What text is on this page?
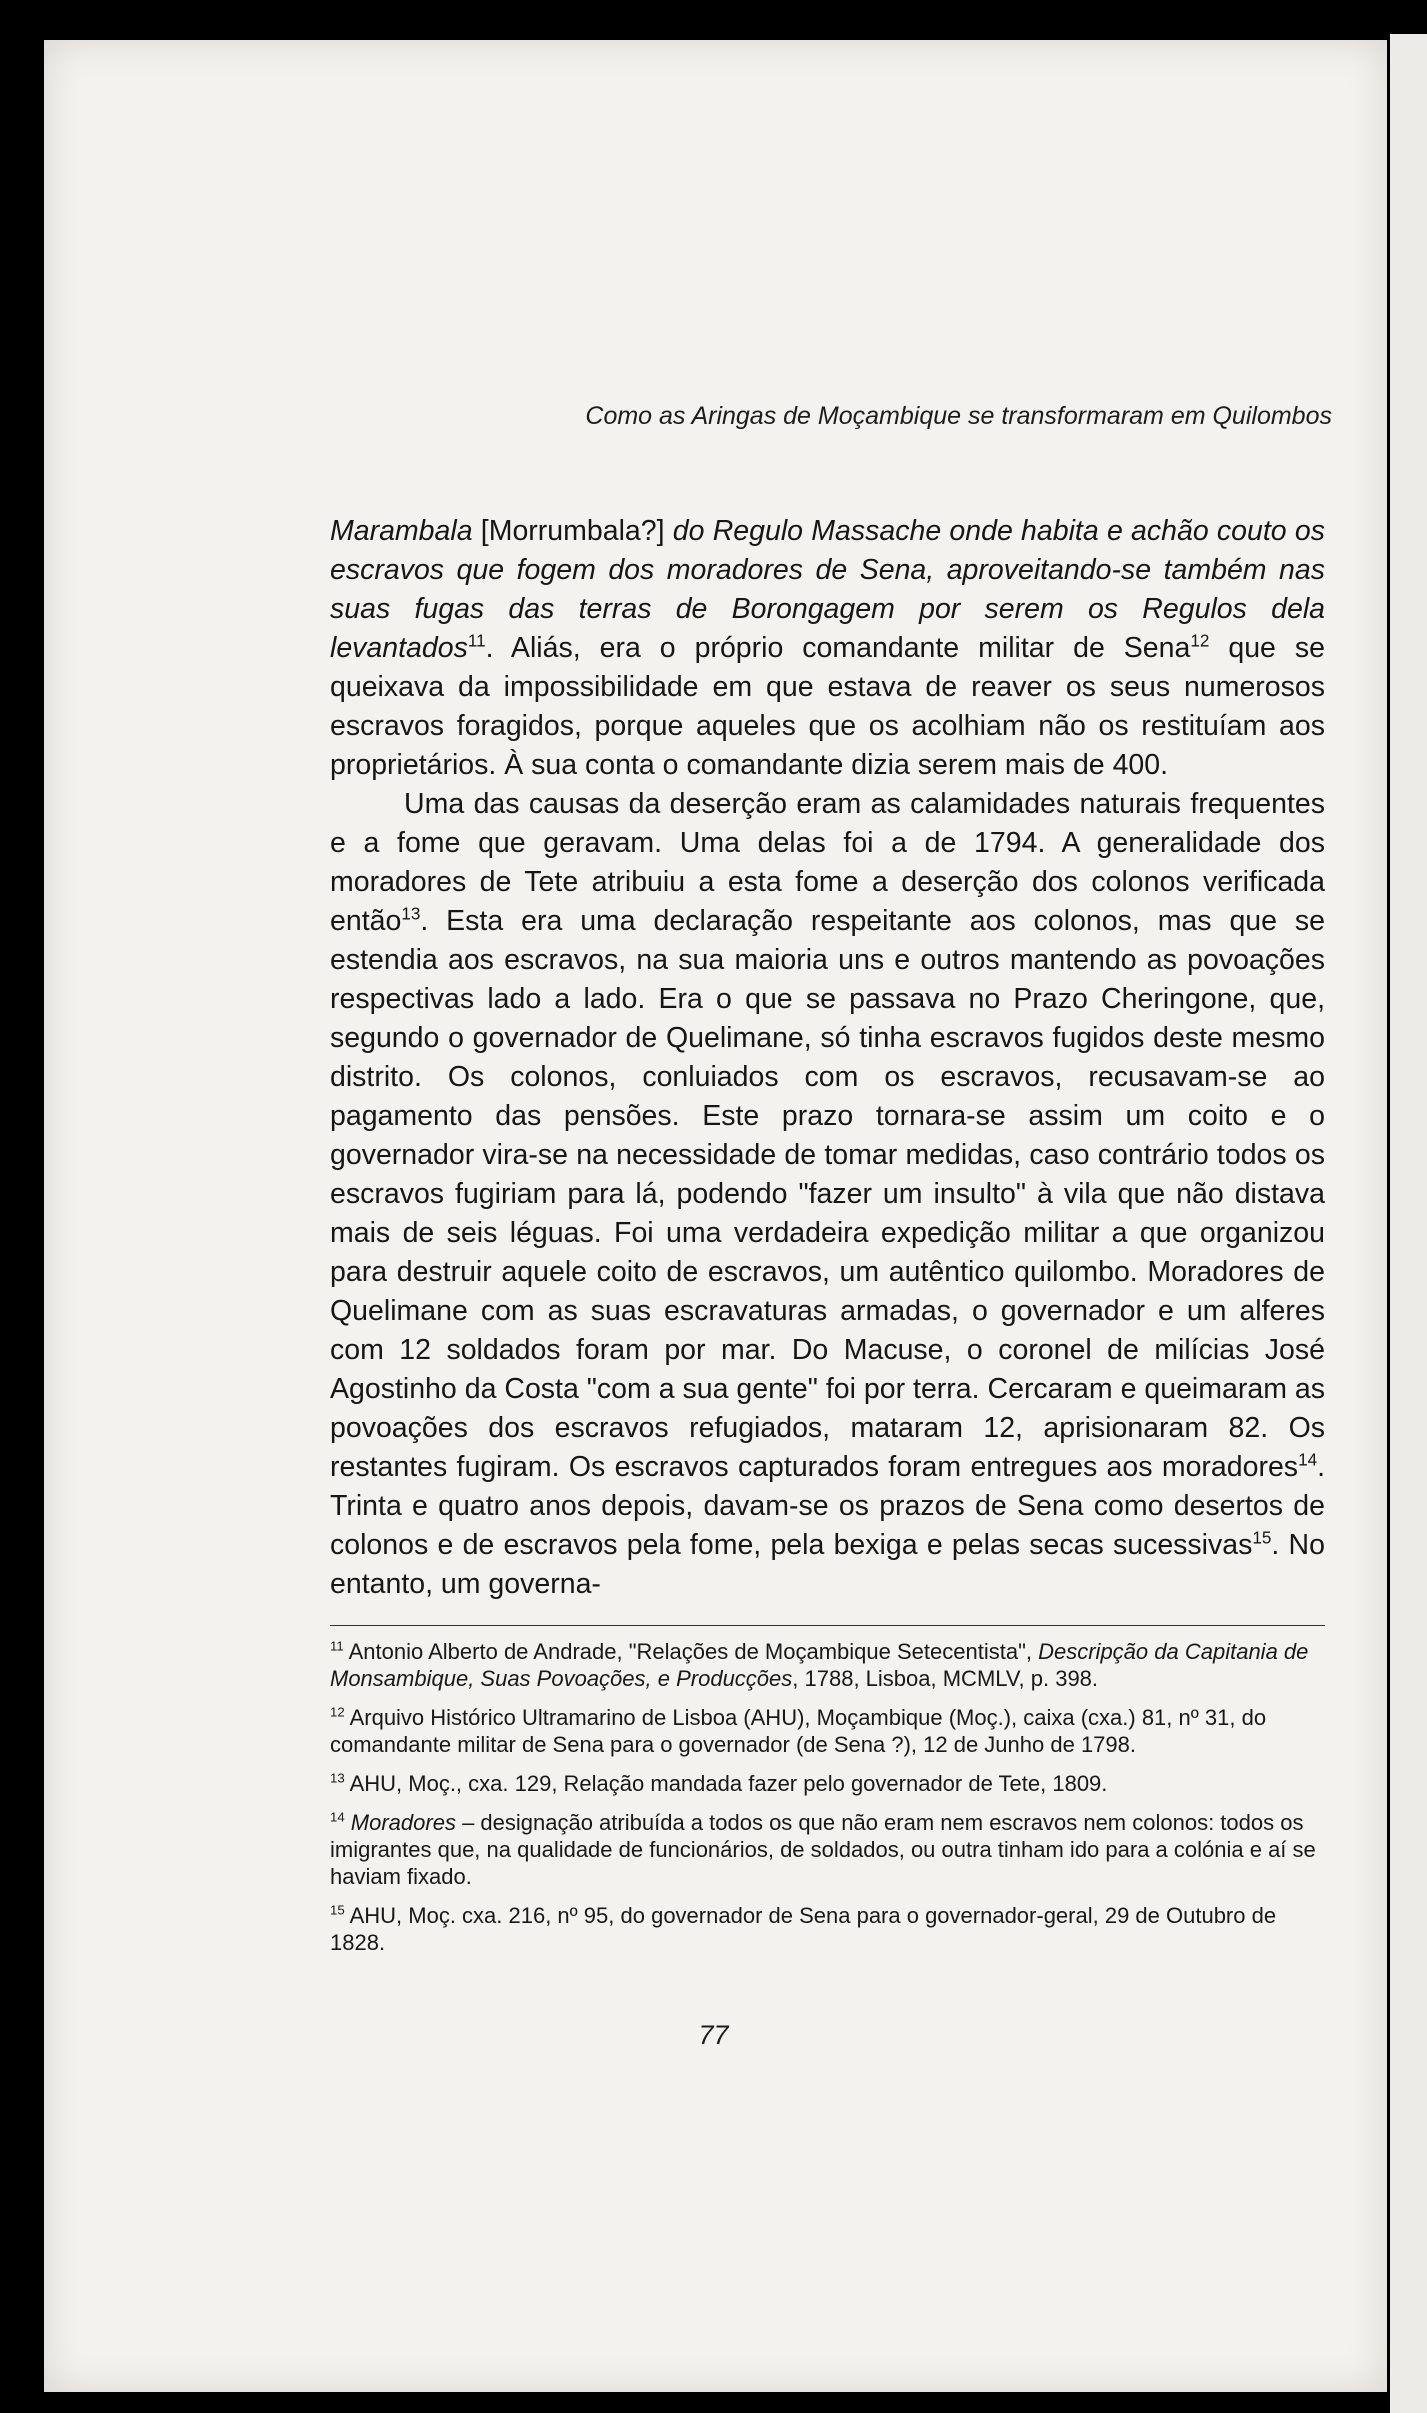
Como as Aringas de Moçambique se transformaram em Quilombos

Marambala [Morrumbala?] do Regulo Massache onde habita e achão couto os escravos que fogem dos moradores de Sena, aproveitando-se também nas suas fugas das terras de Borongagem por serem os Regulos dela levantados$^{11}$. Aliás, era o próprio comandante militar de Sena$^{12}$ que se queixava da impossibilidade em que estava de reaver os seus numerosos escravos foragidos, porque aqueles que os acolhiam não os restituíam aos proprietários. À sua conta o comandante dizia serem mais de 400.

Uma das causas da deserção eram as calamidades naturais frequentes e a fome que geravam. Uma delas foi a de 1794. A generalidade dos moradores de Tete atribuiu a esta fome a deserção dos colonos verificada então$^{13}$. Esta era uma declaração respeitante aos colonos, mas que se estendia aos escravos, na sua maioria uns e outros mantendo as povoações respectivas lado a lado. Era o que se passava no Prazo Cheringone, que, segundo o governador de Quelimane, só tinha escravos fugidos deste mesmo distrito. Os colonos, conluiados com os escravos, recusavam-se ao pagamento das pensões. Este prazo tornara-se assim um coito e o governador vira-se na necessidade de tomar medidas, caso contrário todos os escravos fugiriam para lá, podendo "fazer um insulto" à vila que não distava mais de seis léguas. Foi uma verdadeira expedição militar a que organizou para destruir aquele coito de escravos, um autêntico quilombo. Moradores de Quelimane com as suas escravaturas armadas, o governador e um alferes com 12 soldados foram por mar. Do Macuse, o coronel de milícias José Agostinho da Costa "com a sua gente" foi por terra. Cercaram e queimaram as povoações dos escravos refugiados, mataram 12, aprisionaram 82. Os restantes fugiram. Os escravos capturados foram entregues aos moradores$^{14}$. Trinta e quatro anos depois, davam-se os prazos de Sena como desertos de colonos e de escravos pela fome, pela bexiga e pelas secas sucessivas$^{15}$. No entanto, um governa-

$^{11}$ Antonio Alberto de Andrade, "Relações de Moçambique Setecentista", Descripção da Capitania de Monsambique, Suas Povoações, e Producções, 1788, Lisboa, MCMLV, p. 398.

$^{12}$ Arquivo Histórico Ultramarino de Lisboa (AHU), Moçambique (Moç.), caixa (cxa.) 81, nº 31, do comandante militar de Sena para o governador (de Sena ?), 12 de Junho de 1798.

$^{13}$ AHU, Moç., cxa. 129, Relação mandada fazer pelo governador de Tete, 1809.

$^{14}$ Moradores – designação atribuída a todos os que não eram nem escravos nem colonos: todos os imigrantes que, na qualidade de funcionários, de soldados, ou outra tinham ido para a colónia e aí se haviam fixado.

$^{15}$ AHU, Moç. cxa. 216, nº 95, do governador de Sena para o governador-geral, 29 de Outubro de 1828.

77
